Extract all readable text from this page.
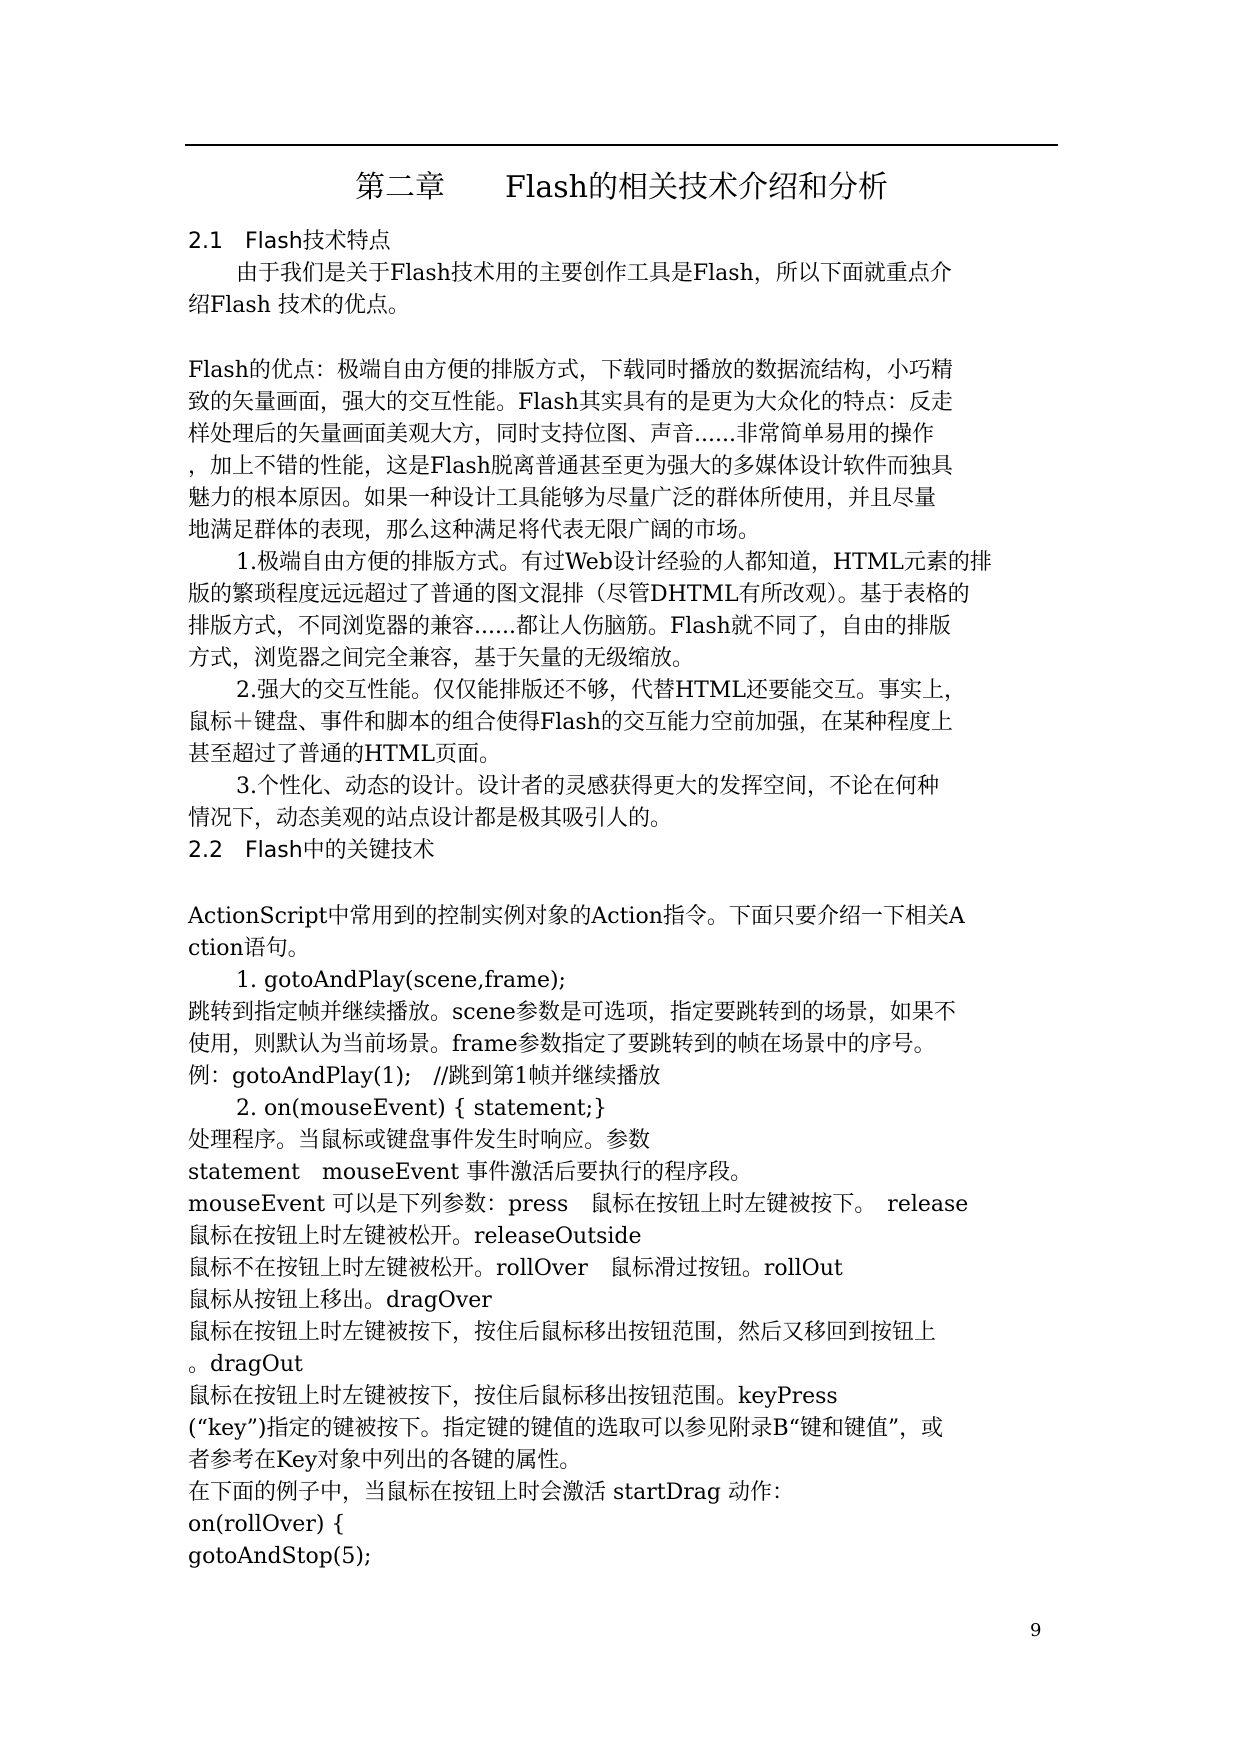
第二章　　Flash的相关技术介绍和分析
2.1　Flash技术特点
由于我们是关于Flash技术用的主要创作工具是Flash，所以下面就重点介
绍Flash 技术的优点。
Flash的优点：极端自由方便的排版方式，下载同时播放的数据流结构，小巧精
致的矢量画面，强大的交互性能。Flash其实具有的是更为大众化的特点：反走
样处理后的矢量画面美观大方，同时支持位图、声音......非常简单易用的操作
，加上不错的性能，这是Flash脱离普通甚至更为强大的多媒体设计软件而独具
魅力的根本原因。如果一种设计工具能够为尽量广泛的群体所使用，并且尽量
地满足群体的表现，那么这种满足将代表无限广阔的市场。
1.极端自由方便的排版方式。有过Web设计经验的人都知道，HTML元素的排
版的繁琐程度远远超过了普通的图文混排（尽管DHTML有所改观）。基于表格的
排版方式，不同浏览器的兼容......都让人伤脑筋。Flash就不同了，自由的排版
方式，浏览器之间完全兼容，基于矢量的无级缩放。
2.强大的交互性能。仅仅能排版还不够，代替HTML还要能交互。事实上，
鼠标＋键盘、事件和脚本的组合使得Flash的交互能力空前加强，在某种程度上
甚至超过了普通的HTML页面。
3.个性化、动态的设计。设计者的灵感获得更大的发挥空间，不论在何种
情况下，动态美观的站点设计都是极其吸引人的。
2.2　Flash中的关键技术
ActionScript中常用到的控制实例对象的Action指令。下面只要介绍一下相关A
ction语句。
1. gotoAndPlay(scene,frame);
跳转到指定帧并继续播放。scene参数是可选项，指定要跳转到的场景，如果不
使用，则默认为当前场景。frame参数指定了要跳转到的帧在场景中的序号。
例：gotoAndPlay(1);　//跳到第1帧并继续播放
2. on(mouseEvent) { statement;}
处理程序。当鼠标或键盘事件发生时响应。参数
statement　mouseEvent 事件激活后要执行的程序段。
mouseEvent 可以是下列参数：press　鼠标在按钮上时左键被按下。　release
鼠标在按钮上时左键被松开。releaseOutside
鼠标不在按钮上时左键被松开。rollOver　鼠标滑过按钮。rollOut
鼠标从按钮上移出。dragOver
鼠标在按钮上时左键被按下，按住后鼠标移出按钮范围，然后又移回到按钮上
。dragOut
鼠标在按钮上时左键被按下，按住后鼠标移出按钮范围。keyPress
(“key”)指定的键被按下。指定键的键值的选取可以参见附录B“键和键值”，或
者参考在Key对象中列出的各键的属性。
在下面的例子中，当鼠标在按钮上时会激活 startDrag 动作：
on(rollOver) {
gotoAndStop(5);
9
